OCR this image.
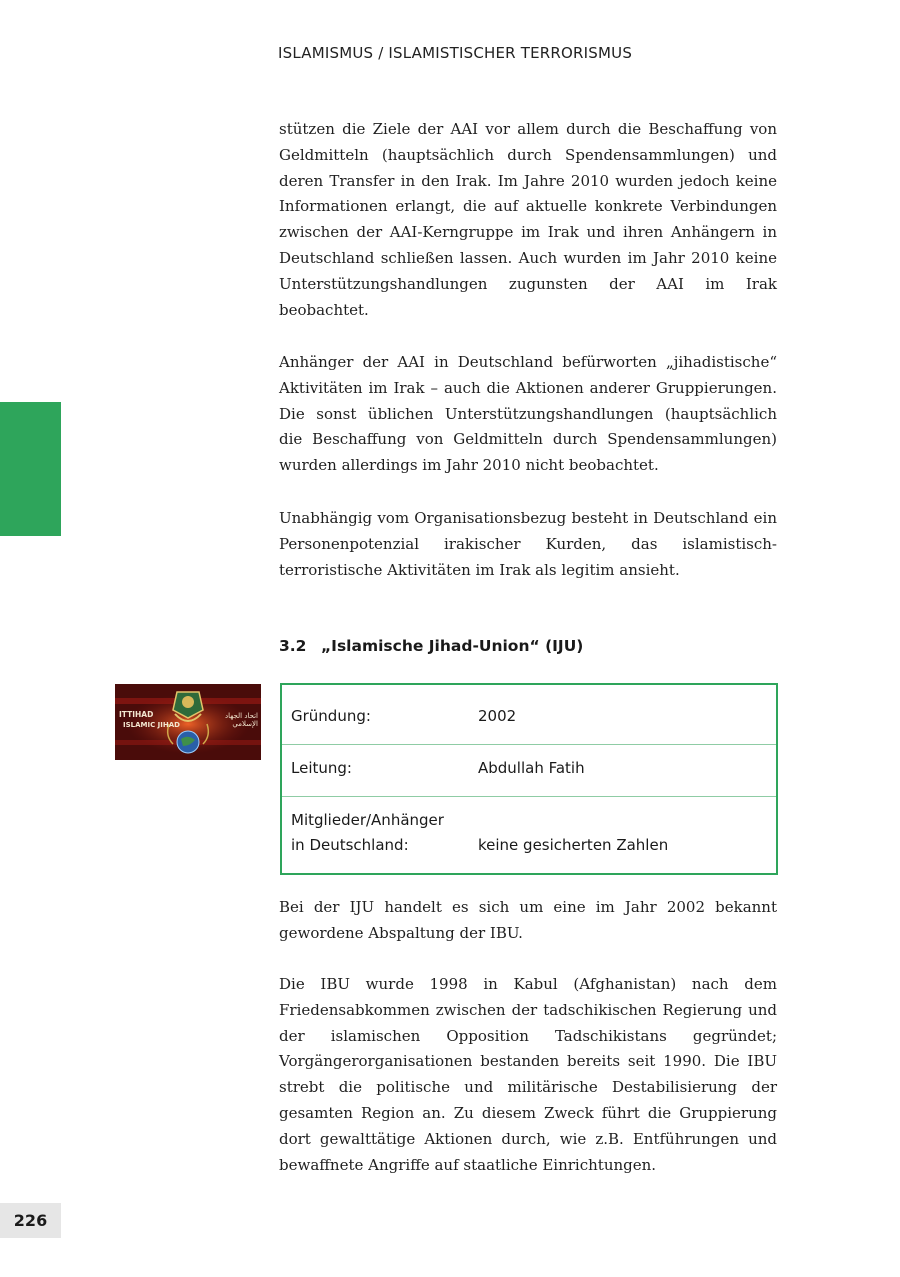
ISLAMISMUS / ISLAMISTISCHER TERRORISMUS

stützen die Ziele der AAI vor allem durch die Beschaffung von Geldmitteln (hauptsächlich durch Spendensammlungen) und deren Transfer in den Irak. Im Jahre 2010 wurden jedoch keine Informationen erlangt, die auf aktuelle konkrete Verbindungen zwischen der AAI-Kerngruppe im Irak und ihren Anhängern in Deutschland schließen lassen. Auch wurden im Jahr 2010 keine Unterstützungshandlungen zugunsten der AAI im Irak beobachtet.

Anhänger der AAI in Deutschland befürworten „jihadistische“ Aktivitäten im Irak – auch die Aktionen anderer Gruppierungen. Die sonst üblichen Unterstützungshandlungen (hauptsächlich die Beschaffung von Geldmitteln durch Spendensammlungen) wurden allerdings im Jahr 2010 nicht beobachtet.

Unabhängig vom Organisationsbezug besteht in Deutschland ein Personenpotenzial irakischer Kurden, das islamistisch-terroristische Aktivitäten im Irak als legitim ansieht.

3.2 „Islamische Jihad-Union“ (IJU)
ITTIHAD
ISLAMIC JIHAD
اتحاد الجهاد الإسلامي Gründung:	2002
Leitung:	Abdullah Fatih
Mitglieder/Anhänger
in Deutschland:	keine gesicherten Zahlen

Bei der IJU handelt es sich um eine im Jahr 2002 bekannt gewordene Abspaltung der IBU.

Die IBU wurde 1998 in Kabul (Afghanistan) nach dem Friedensabkommen zwischen der tadschikischen Regierung und der islamischen Opposition Tadschikistans gegründet; Vorgängerorganisationen bestanden bereits seit 1990. Die IBU strebt die politische und militärische Destabilisierung der gesamten Region an. Zu diesem Zweck führt die Gruppierung dort gewalttätige Aktionen durch, wie z.B. Entführungen und bewaffnete Angriffe auf staatliche Einrichtungen.

226
